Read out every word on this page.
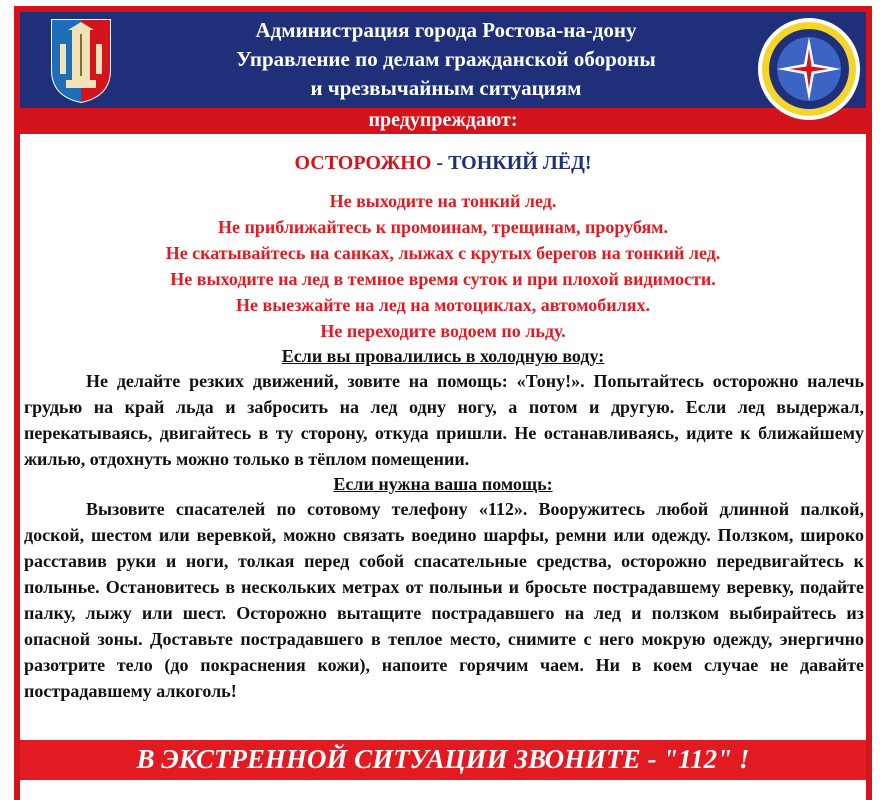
Администрация города Ростова-на-дону
Управление по делам гражданской обороны
и чрезвычайным ситуациям
предупреждают:
ОСТОРОЖНО - ТОНКИЙ ЛЁД!
Не выходите на тонкий лед.
Не приближайтесь к промоинам, трещинам, прорубям.
Не скатывайтесь на санках, лыжах с крутых берегов на тонкий лед.
Не выходите на лед в темное время суток и при плохой видимости.
Не выезжайте на лед на мотоциклах, автомобилях.
Не переходите водоем по льду.
Если вы провалились в холодную воду:

Не делайте резких движений, зовите на помощь: «Тону!». Попытайтесь осторожно налечь грудью на край льда и забросить на лед одну ногу, а потом и другую. Если лед выдержал, перекатываясь, двигайтесь в ту сторону, откуда пришли. Не останавливаясь, идите к ближайшему жилью, отдохнуть можно только в тёплом помещении.

Если нужна ваша помощь:

Вызовите спасателей по сотовому телефону «112». Вооружитесь любой длинной палкой, доской, шестом или веревкой, можно связать воедино шарфы, ремни или одежду. Ползком, широко расставив руки и ноги, толкая перед собой спасательные средства, осторожно передвигайтесь к полынье. Остановитесь в нескольких метрах от полыньи и бросьте пострадавшему веревку, подайте палку, лыжу или шест. Осторожно вытащите пострадавшего на лед и ползком выбирайтесь из опасной зоны. Доставьте пострадавшего в теплое место, снимите с него мокрую одежду, энергично разотрите тело (до покраснения кожи), напоите горячим чаем. Ни в коем случае не давайте пострадавшему алкоголь!

В ЭКСТРЕННОЙ СИТУАЦИИ ЗВОНИТЕ - "112" !
